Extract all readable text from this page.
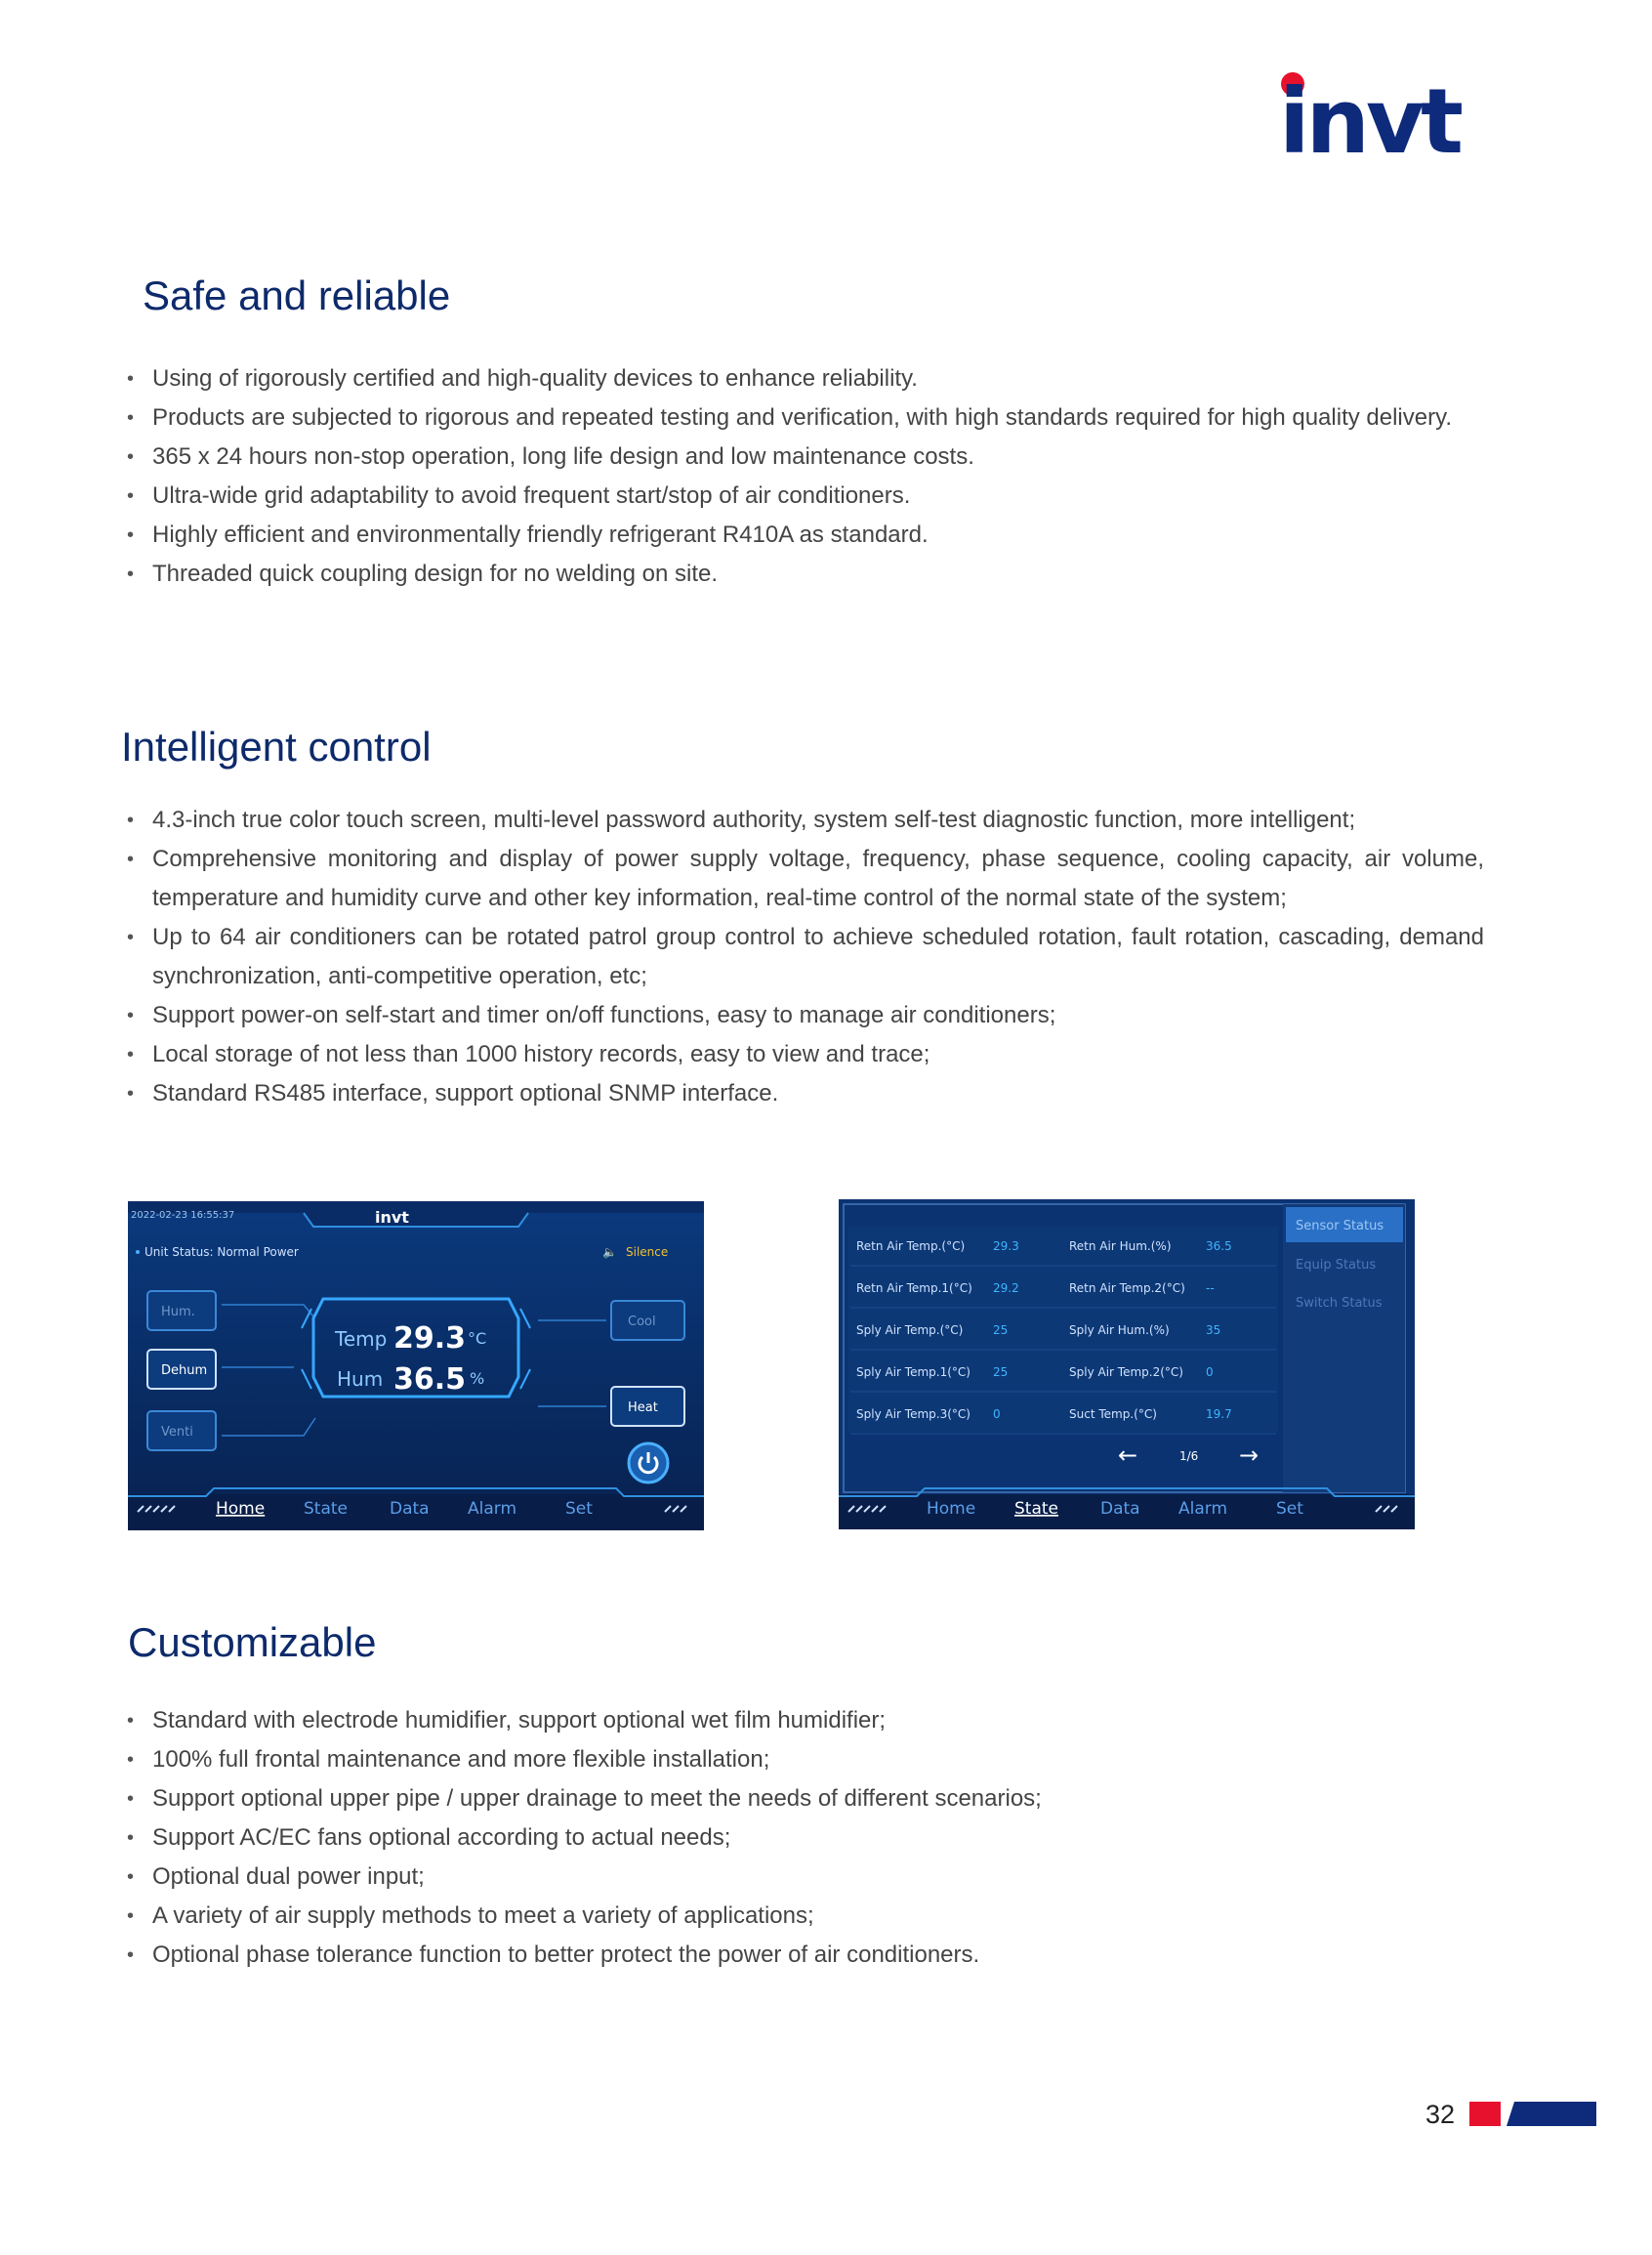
invt
Safe and reliable
• Using of rigorously certified and high-quality devices to enhance reliability.
• Products are subjected to rigorous and repeated testing and verification, with high standards required for high quality delivery.
• 365 x 24 hours non-stop operation, long life design and low maintenance costs.
• Ultra-wide grid adaptability to avoid frequent start/stop of air conditioners.
• Highly efficient and environmentally friendly refrigerant R410A as standard.
• Threaded quick coupling design for no welding on site.
Intelligent control
• 4.3-inch true color touch screen, multi-level password authority, system self-test diagnostic function, more intelligent;
• Comprehensive monitoring and display of power supply voltage, frequency, phase sequence, cooling capacity, air volume, temperature and humidity curve and other key information, real-time control of the normal state of the system;
• Up to 64 air conditioners can be rotated patrol group control to achieve scheduled rotation, fault rotation, cascading, demand synchronization, anti-competitive operation, etc;
• Support power-on self-start and timer on/off functions, easy to manage air conditioners;
• Local storage of not less than 1000 history records, easy to view and trace;
• Standard RS485 interface, support optional SNMP interface.
2022-02-23 16:55:37	invt
Unit Status: Normal Power	🔈 Silence
Temp 29.3 °C
Hum 36.5 %
Hum.
Dehum
Venti
Cool
Heat
Home State	Data Alarm	Set
Retn Air Temp.(°C) 29.3	Retn Air Hum.(%)	36.5
Retn Air Temp.1(°C) 29.2	Retn Air Temp.2(°C) --
Sply Air Temp.(°C)	25	Sply Air Hum.(%)	35
Sply Air Temp.1(°C) 25	Sply Air Temp.2(°C) 0
Sply Air Temp.3(°C) 0	Suct Temp.(°C)	19.7
Sensor Status
Equip Status
Switch Status
←	1/6 →
Home State	Data Alarm	Set
Customizable
• Standard with electrode humidifier, support optional wet film humidifier;
• 100% full frontal maintenance and more flexible installation;
• Support optional upper pipe / upper drainage to meet the needs of different scenarios;
• Support AC/EC fans optional according to actual needs;
• Optional dual power input;
• A variety of air supply methods to meet a variety of applications;
• Optional phase tolerance function to better protect the power of air conditioners.
32
